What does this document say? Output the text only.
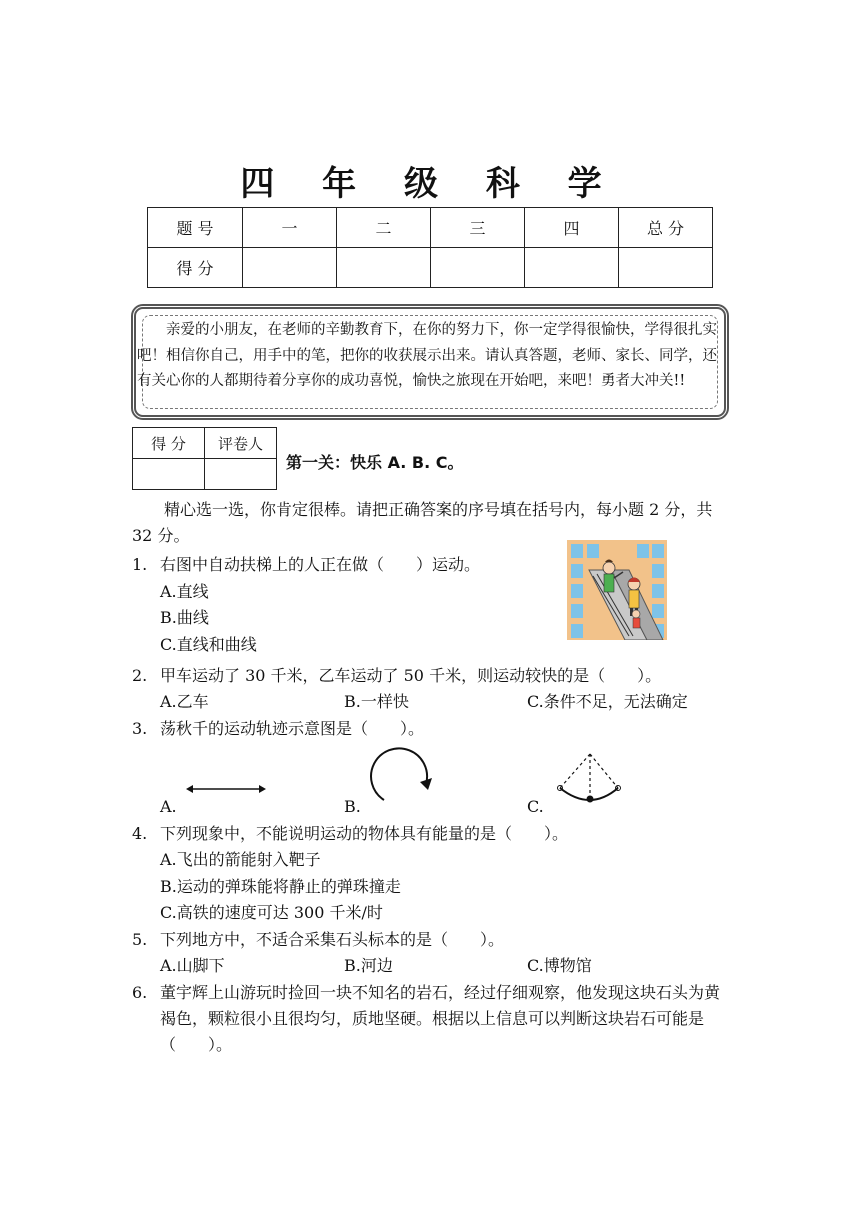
四 年 级 科 学
题 号	一	二	三	四	总 分
得 分					
亲爱的小朋友，在老师的辛勤教育下，在你的努力下，你一定学得很愉快，学得很扎实吧！相信你自己，用手中的笔，把你的收获展示出来。请认真答题，老师、家长、同学，还有关心你的人都期待着分享你的成功喜悦，愉快之旅现在开始吧，来吧！勇者大冲关!!
得 分	评卷人

第一关：快乐 A. B. C。
精心选一选，你肯定很棒。请把正确答案的序号填在括号内，每小题 2 分，共 32 分。
1. 右图中自动扶梯上的人正在做（　　）运动。
A.直线
B.曲线
C.直线和曲线
2. 甲车运动了 30 千米，乙车运动了 50 千米，则运动较快的是（　　）。
A.乙车	B.一样快	C.条件不足，无法确定
3. 荡秋千的运动轨迹示意图是（　　）。
A.	B.	C.
4. 下列现象中，不能说明运动的物体具有能量的是（　　）。
A.飞出的箭能射入靶子
B.运动的弹珠能将静止的弹珠撞走
C.高铁的速度可达 300 千米/时
5. 下列地方中，不适合采集石头标本的是（　　）。
A.山脚下	B.河边	C.博物馆
6. 董宇辉上山游玩时捡回一块不知名的岩石，经过仔细观察，他发现这块石头为黄褐色，颗粒很小且很均匀，质地坚硬。根据以上信息可以判断这块岩石可能是（　　）。
